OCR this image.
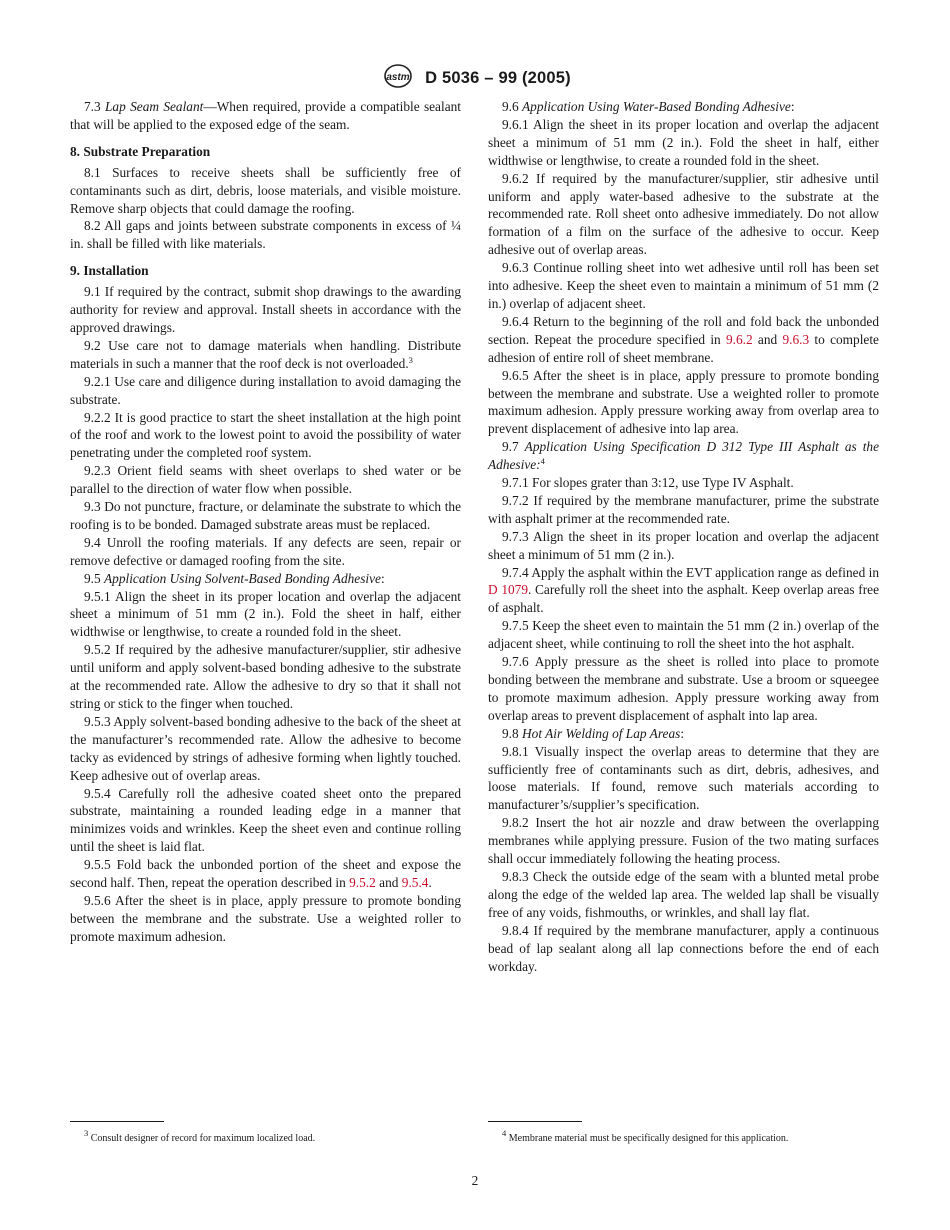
astm D 5036 – 99 (2005)

7.3 Lap Seam Sealant—When required, provide a compatible sealant that will be applied to the exposed edge of the seam.

8. Substrate Preparation

8.1 Surfaces to receive sheets shall be sufficiently free of contaminants such as dirt, debris, loose materials, and visible moisture. Remove sharp objects that could damage the roofing.

8.2 All gaps and joints between substrate components in excess of ¼ in. shall be filled with like materials.

9. Installation

9.1 If required by the contract, submit shop drawings to the awarding authority for review and approval. Install sheets in accordance with the approved drawings.

9.2 Use care not to damage materials when handling. Distribute materials in such a manner that the roof deck is not overloaded.$^3$

9.2.1 Use care and diligence during installation to avoid damaging the substrate.

9.2.2 It is good practice to start the sheet installation at the high point of the roof and work to the lowest point to avoid the possibility of water penetrating under the completed roof system.

9.2.3 Orient field seams with sheet overlaps to shed water or be parallel to the direction of water flow when possible.

9.3 Do not puncture, fracture, or delaminate the substrate to which the roofing is to be bonded. Damaged substrate areas must be replaced.

9.4 Unroll the roofing materials. If any defects are seen, repair or remove defective or damaged roofing from the site.

9.5 Application Using Solvent-Based Bonding Adhesive:

9.5.1 Align the sheet in its proper location and overlap the adjacent sheet a minimum of 51 mm (2 in.). Fold the sheet in half, either widthwise or lengthwise, to create a rounded fold in the sheet.

9.5.2 If required by the adhesive manufacturer/supplier, stir adhesive until uniform and apply solvent-based bonding adhesive to the substrate at the recommended rate. Allow the adhesive to dry so that it shall not string or stick to the finger when touched.

9.5.3 Apply solvent-based bonding adhesive to the back of the sheet at the manufacturer’s recommended rate. Allow the adhesive to become tacky as evidenced by strings of adhesive forming when lightly touched. Keep adhesive out of overlap areas.

9.5.4 Carefully roll the adhesive coated sheet onto the prepared substrate, maintaining a rounded leading edge in a manner that minimizes voids and wrinkles. Keep the sheet even and continue rolling until the sheet is laid flat.

9.5.5 Fold back the unbonded portion of the sheet and expose the second half. Then, repeat the operation described in 9.5.2 and 9.5.4.

9.5.6 After the sheet is in place, apply pressure to promote bonding between the membrane and the substrate. Use a weighted roller to promote maximum adhesion.

9.6 Application Using Water-Based Bonding Adhesive:

9.6.1 Align the sheet in its proper location and overlap the adjacent sheet a minimum of 51 mm (2 in.). Fold the sheet in half, either widthwise or lengthwise, to create a rounded fold in the sheet.

9.6.2 If required by the manufacturer/supplier, stir adhesive until uniform and apply water-based adhesive to the substrate at the recommended rate. Roll sheet onto adhesive immediately. Do not allow formation of a film on the surface of the adhesive to occur. Keep adhesive out of overlap areas.

9.6.3 Continue rolling sheet into wet adhesive until roll has been set into adhesive. Keep the sheet even to maintain a minimum of 51 mm (2 in.) overlap of adjacent sheet.

9.6.4 Return to the beginning of the roll and fold back the unbonded section. Repeat the procedure specified in 9.6.2 and 9.6.3 to complete adhesion of entire roll of sheet membrane.

9.6.5 After the sheet is in place, apply pressure to promote bonding between the membrane and substrate. Use a weighted roller to promote maximum adhesion. Apply pressure working away from overlap area to prevent displacement of adhesive into lap area.

9.7 Application Using Specification D 312 Type III Asphalt as the Adhesive:$^4$

9.7.1 For slopes grater than 3:12, use Type IV Asphalt.

9.7.2 If required by the membrane manufacturer, prime the substrate with asphalt primer at the recommended rate.

9.7.3 Align the sheet in its proper location and overlap the adjacent sheet a minimum of 51 mm (2 in.).

9.7.4 Apply the asphalt within the EVT application range as defined in D 1079. Carefully roll the sheet into the asphalt. Keep overlap areas free of asphalt.

9.7.5 Keep the sheet even to maintain the 51 mm (2 in.) overlap of the adjacent sheet, while continuing to roll the sheet into the hot asphalt.

9.7.6 Apply pressure as the sheet is rolled into place to promote bonding between the membrane and substrate. Use a broom or squeegee to promote maximum adhesion. Apply pressure working away from overlap areas to prevent displacement of asphalt into lap area.

9.8 Hot Air Welding of Lap Areas:

9.8.1 Visually inspect the overlap areas to determine that they are sufficiently free of contaminants such as dirt, debris, adhesives, and loose materials. If found, remove such materials according to manufacturer’s/supplier’s specification.

9.8.2 Insert the hot air nozzle and draw between the overlapping membranes while applying pressure. Fusion of the two mating surfaces shall occur immediately following the heating process.

9.8.3 Check the outside edge of the seam with a blunted metal probe along the edge of the welded lap area. The welded lap shall be visually free of any voids, fishmouths, or wrinkles, and shall lay flat.

9.8.4 If required by the membrane manufacturer, apply a continuous bead of lap sealant along all lap connections before the end of each workday.

$^3$ Consult designer of record for maximum localized load.	$^4$ Membrane material must be specifically designed for this application.
2
